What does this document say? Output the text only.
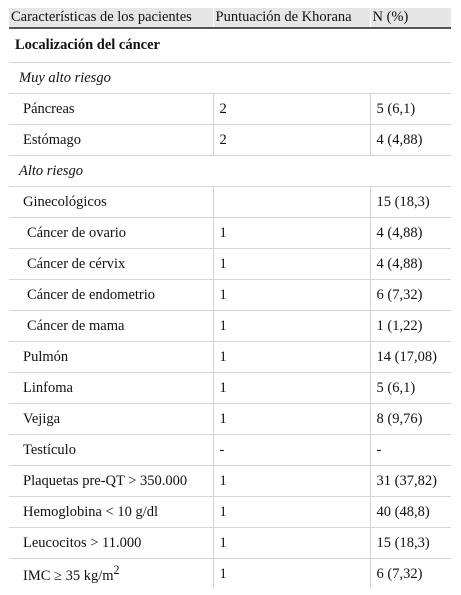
Características de los pacientes	Puntuación de Khorana	N (%)
Localización del cáncer		
Muy alto riesgo		
Páncreas	2	5 (6,1)
Estómago	2	4 (4,88)
Alto riesgo		
Ginecológicos		15 (18,3)
Cáncer de ovario	1	4 (4,88)
Cáncer de cérvix	1	4 (4,88)
Cáncer de endometrio	1	6 (7,32)
Cáncer de mama	1	1 (1,22)
Pulmón	1	14 (17,08)
Linfoma	1	5 (6,1)
Vejiga	1	8 (9,76)
Testículo	-	-
Plaquetas pre-QT > 350.000	1	31 (37,82)
Hemoglobina < 10 g/dl	1	40 (48,8)
Leucocitos > 11.000	1	15 (18,3)
IMC ≥ 35 $kg/m^2$	1	6 (7,32)
